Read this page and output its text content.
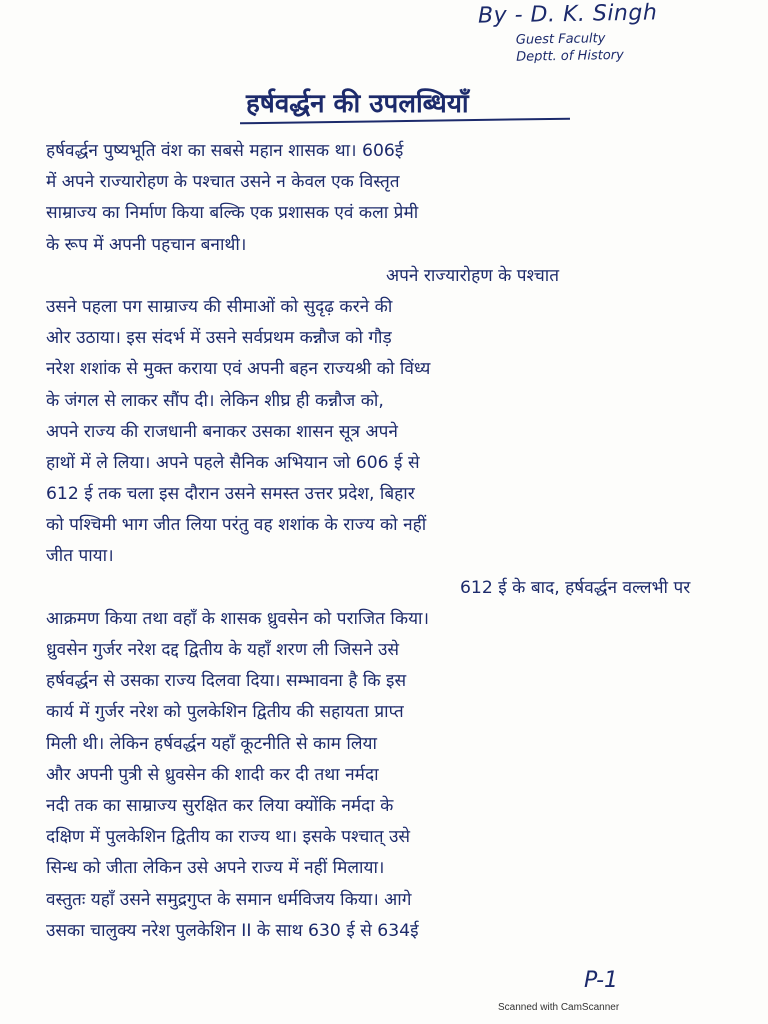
By - D. K. Singh
Guest Faculty
Deptt. of History
हर्षवर्द्धन की उपलब्धियाँ
हर्षवर्द्धन पुष्यभूति वंश का सबसे महान शासक था। 606ई
में अपने राज्यारोहण के पश्चात उसने न केवल एक विस्तृत
साम्राज्य का निर्माण किया बल्कि एक प्रशासक एवं कला प्रेमी
के रूप में अपनी पहचान बनाथी।
अपने राज्यारोहण के पश्चात
उसने पहला पग साम्राज्य की सीमाओं को सुदृढ़ करने की
ओर उठाया। इस संदर्भ में उसने सर्वप्रथम कन्नौज को गौड़
नरेश शशांक से मुक्त कराया एवं अपनी बहन राज्यश्री को विंध्य
के जंगल से लाकर सौंप दी। लेकिन शीघ्र ही कन्नौज को,
अपने राज्य की राजधानी बनाकर उसका शासन सूत्र अपने
हाथों में ले लिया। अपने पहले सैनिक अभियान जो 606 ई से
612 ई तक चला इस दौरान उसने समस्त उत्तर प्रदेश, बिहार
को पश्चिमी भाग जीत लिया परंतु वह शशांक के राज्य को नहीं
जीत पाया।
612 ई के बाद, हर्षवर्द्धन वल्लभी पर
आक्रमण किया तथा वहाँ के शासक ध्रुवसेन को पराजित किया।
ध्रुवसेन गुर्जर नरेश दद्द द्वितीय के यहाँ शरण ली जिसने उसे
हर्षवर्द्धन से उसका राज्य दिलवा दिया। सम्भावना है कि इस
कार्य में गुर्जर नरेश को पुलकेशिन द्वितीय की सहायता प्राप्त
मिली थी। लेकिन हर्षवर्द्धन यहाँ कूटनीति से काम लिया
और अपनी पुत्री से ध्रुवसेन की शादी कर दी तथा नर्मदा
नदी तक का साम्राज्य सुरक्षित कर लिया क्योंकि नर्मदा के
दक्षिण में पुलकेशिन द्वितीय का राज्य था। इसके पश्चात् उसे
सिन्ध को जीता लेकिन उसे अपने राज्य में नहीं मिलाया।
वस्तुतः यहाँ उसने समुद्रगुप्त के समान धर्मविजय किया। आगे
उसका चालुक्य नरेश पुलकेशिन II के साथ 630 ई से 634ई
P-1
Scanned with CamScanner
